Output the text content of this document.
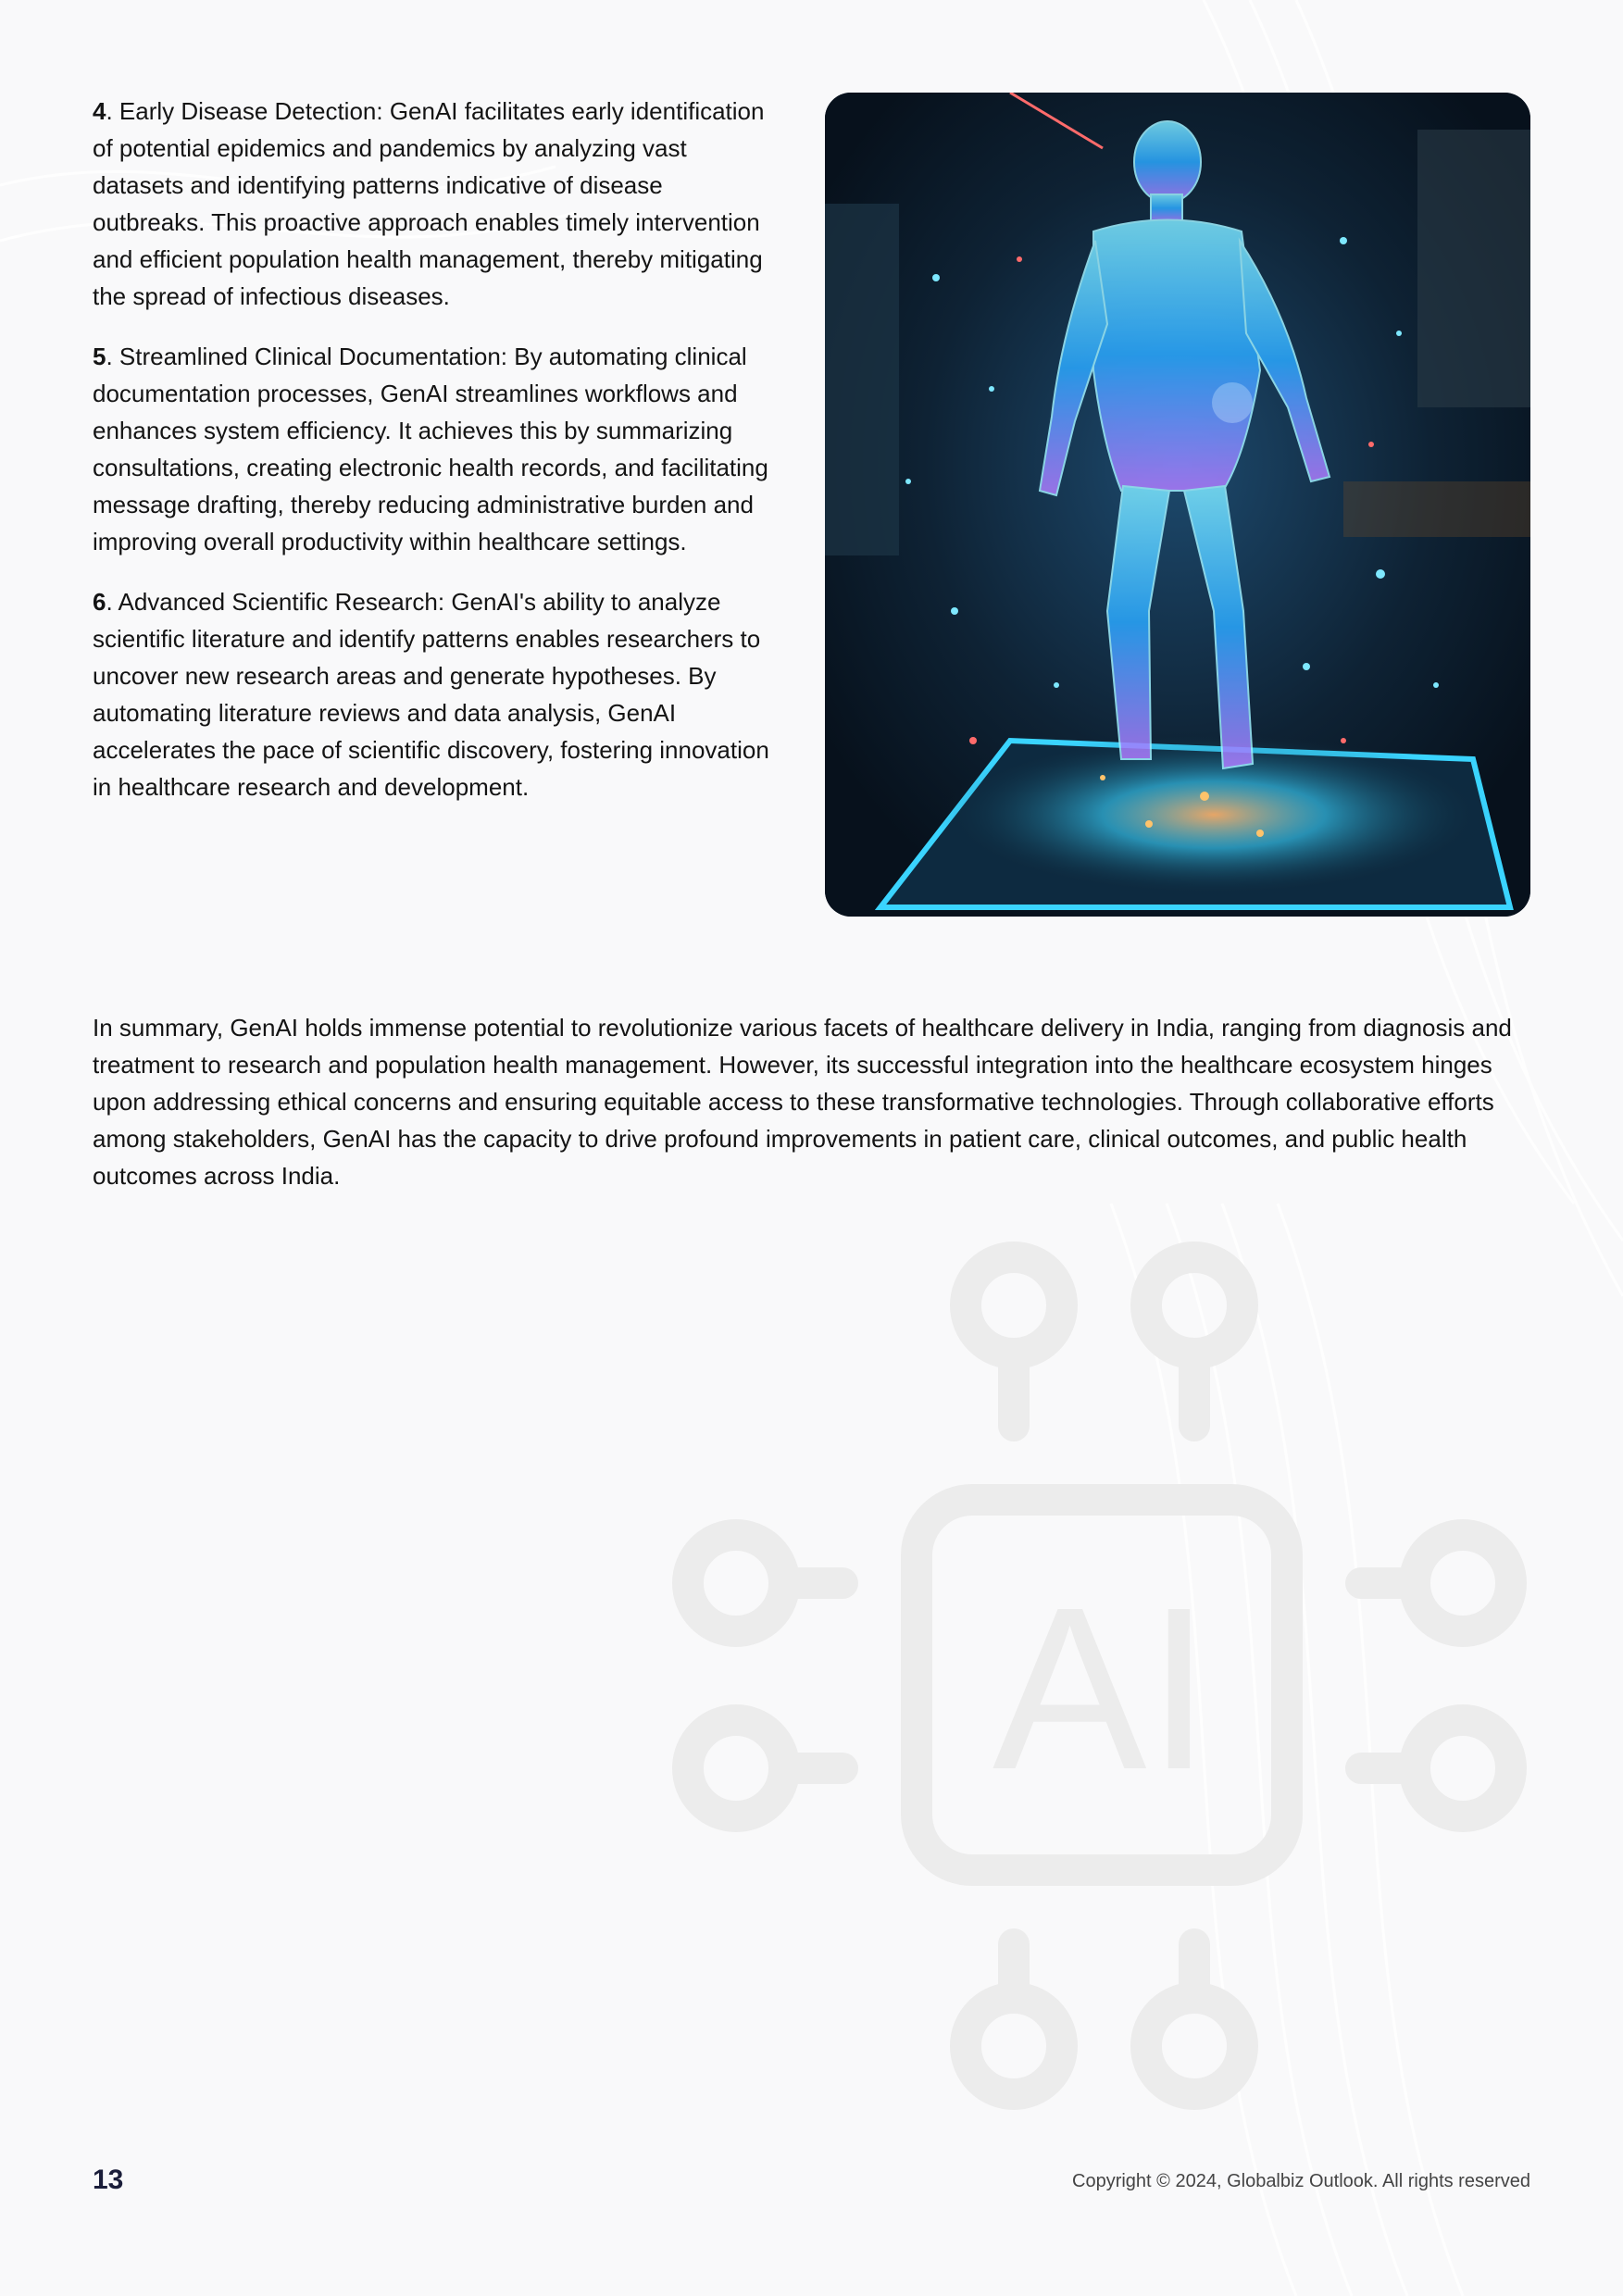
AI

4. Early Disease Detection: GenAI facilitates early identification of potential epidemics and pandemics by analyzing vast datasets and identifying patterns indicative of disease outbreaks. This proactive approach enables timely intervention and efficient population health management, thereby mitigating the spread of infectious diseases.

5. Streamlined Clinical Documentation: By automating clinical documentation processes, GenAI streamlines workflows and enhances system efficiency. It achieves this by summarizing consultations, creating electronic health records, and facilitating message drafting, thereby reducing administrative burden and improving overall productivity within healthcare settings.

6. Advanced Scientific Research: GenAI's ability to analyze scientific literature and identify patterns enables researchers to uncover new research areas and generate hypotheses. By automating literature reviews and data analysis, GenAI accelerates the pace of scientific discovery, fostering innovation in healthcare research and development.

In summary, GenAI holds immense potential to revolutionize various facets of healthcare delivery in India, ranging from diagnosis and treatment to research and population health management. However, its successful integration into the healthcare ecosystem hinges upon addressing ethical concerns and ensuring equitable access to these transformative technologies. Through collaborative efforts among stakeholders, GenAI has the capacity to drive profound improvements in patient care, clinical outcomes, and public health outcomes across India.

13	Copyright © 2024, Globalbiz Outlook. All rights reserved
